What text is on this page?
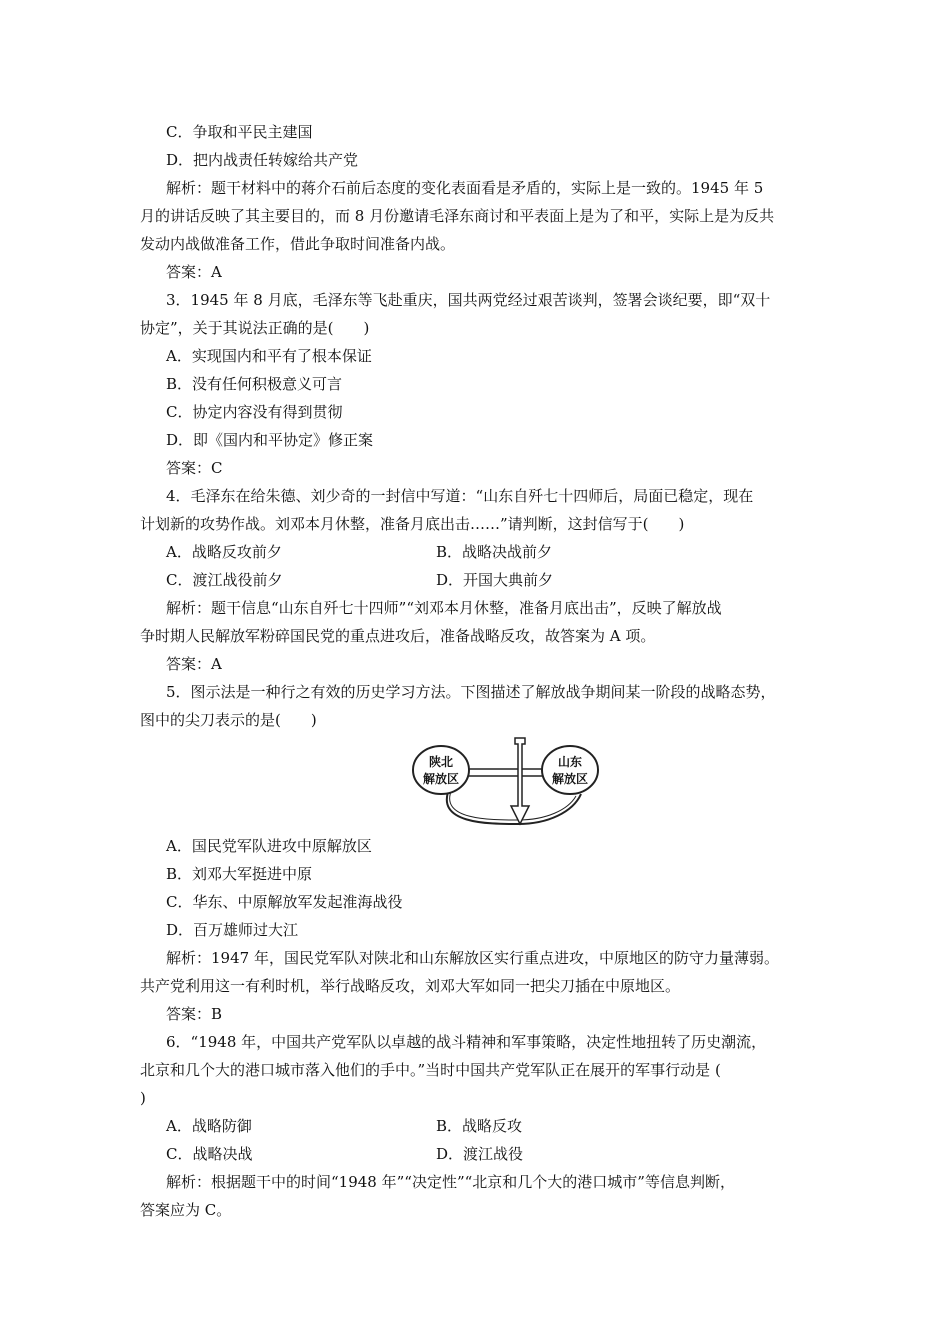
C．争取和平民主建国
D．把内战责任转嫁给共产党
解析：题干材料中的蒋介石前后态度的变化表面看是矛盾的，实际上是一致的。1945 年 5
月的讲话反映了其主要目的，而 8 月份邀请毛泽东商讨和平表面上是为了和平，实际上是为反共
发动内战做准备工作，借此争取时间准备内战。
答案：A
3．1945 年 8 月底，毛泽东等飞赴重庆，国共两党经过艰苦谈判，签署会谈纪要，即“双十
协定”，关于其说法正确的是(　　)
A．实现国内和平有了根本保证
B．没有任何积极意义可言
C．协定内容没有得到贯彻
D．即《国内和平协定》修正案
答案：C
4．毛泽东在给朱德、刘少奇的一封信中写道：“山东自歼七十四师后，局面已稳定，现在
计划新的攻势作战。刘邓本月休整，准备月底出击……”请判断，这封信写于(　　)
A．战略反攻前夕	B．战略决战前夕
C．渡江战役前夕	D．开国大典前夕
解析：题干信息“山东自歼七十四师”“刘邓本月休整，准备月底出击”，反映了解放战
争时期人民解放军粉碎国民党的重点进攻后，准备战略反攻，故答案为 A 项。
答案：A
5．图示法是一种行之有效的历史学习方法。下图描述了解放战争期间某一阶段的战略态势，
图中的尖刀表示的是(　　)
陕北
解放区
山东
解放区
A．国民党军队进攻中原解放区
B．刘邓大军挺进中原
C．华东、中原解放军发起淮海战役
D．百万雄师过大江
解析：1947 年，国民党军队对陕北和山东解放区实行重点进攻，中原地区的防守力量薄弱。
共产党利用这一有利时机，举行战略反攻，刘邓大军如同一把尖刀插在中原地区。
答案：B
6．“1948 年，中国共产党军队以卓越的战斗精神和军事策略，决定性地扭转了历史潮流，
北京和几个大的港口城市落入他们的手中。”当时中国共产党军队正在展开的军事行动是 (
)
A．战略防御	B．战略反攻
C．战略决战	D．渡江战役
解析：根据题干中的时间“1948 年”“决定性”“北京和几个大的港口城市”等信息判断，
答案应为 C。
